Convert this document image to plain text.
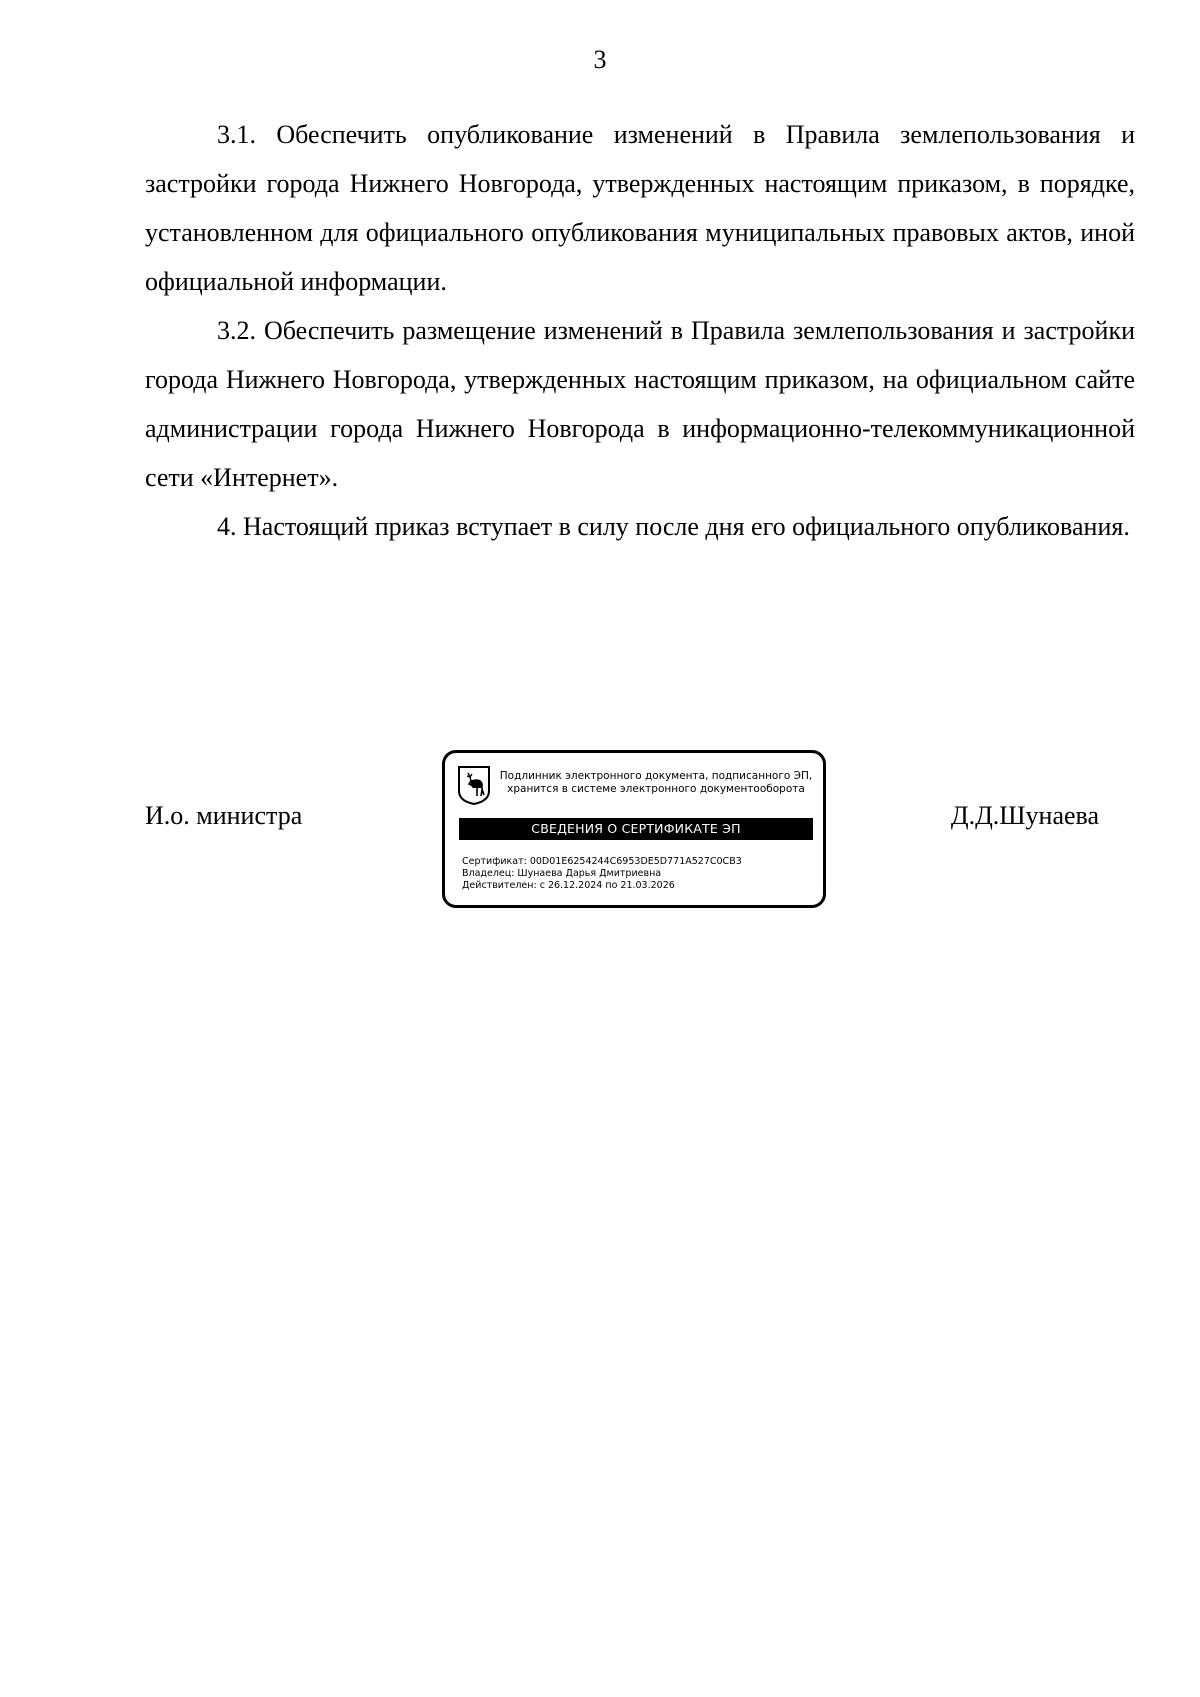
3

3.1. Обеспечить опубликование изменений в Правила землепользования и застройки города Нижнего Новгорода, утвержденных настоящим приказом, в порядке, установленном для официального опубликования муниципальных правовых актов, иной официальной информации.

3.2. Обеспечить размещение изменений в Правила землепользования и застройки города Нижнего Новгорода, утвержденных настоящим приказом, на официальном сайте администрации города Нижнего Новгорода в информационно-телекоммуникационной сети «Интернет».

4. Настоящий приказ вступает в силу после дня его официального опубликования.

И.о. министра
Подлинник электронного документа, подписанного ЭП,
хранится в системе электронного документооборота
СВЕДЕНИЯ О СЕРТИФИКАТЕ ЭП
Сертификат: 00D01E6254244C6953DE5D771A527C0CB3
Владелец: Шунаева Дарья Дмитриевна
Действителен: с 26.12.2024 по 21.03.2026
Д.Д.Шунаева
